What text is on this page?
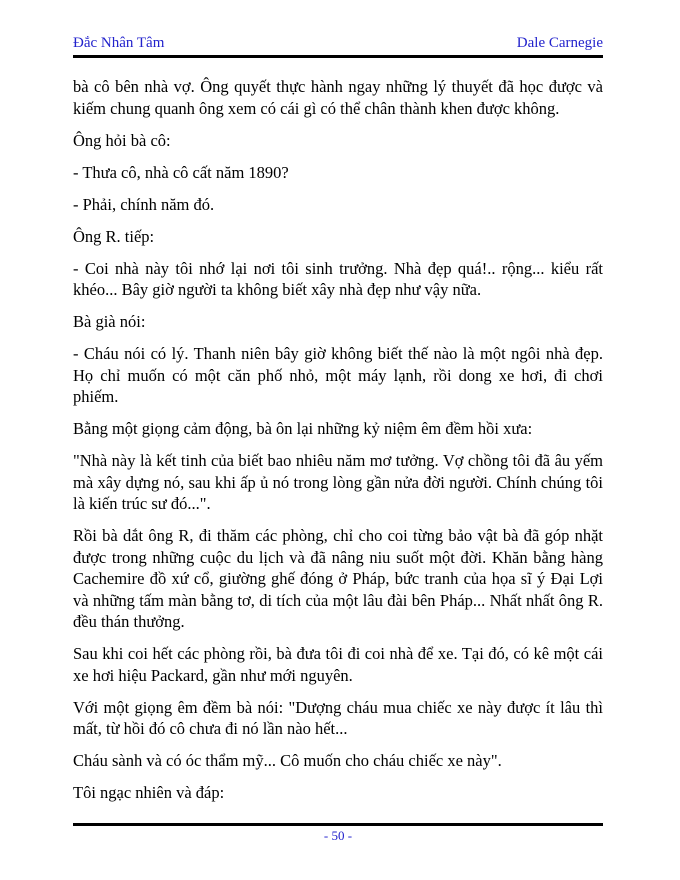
Đắc Nhân Tâm	Dale Carnegie

bà cô bên nhà vợ. Ông quyết thực hành ngay những lý thuyết đã học được và kiếm chung quanh ông xem có cái gì có thể chân thành khen được không.

Ông hỏi bà cô:

- Thưa cô, nhà cô cất năm 1890?

- Phải, chính năm đó.

Ông R. tiếp:

- Coi nhà này tôi nhớ lại nơi tôi sinh trưởng. Nhà đẹp quá!.. rộng... kiểu rất khéo... Bây giờ người ta không biết xây nhà đẹp như vậy nữa.

Bà già nói:

- Cháu nói có lý. Thanh niên bây giờ không biết thế nào là một ngôi nhà đẹp. Họ chỉ muốn có một căn phố nhỏ, một máy lạnh, rồi dong xe hơi, đi chơi phiếm.

Bằng một giọng cảm động, bà ôn lại những kỷ niệm êm đềm hồi xưa:

"Nhà này là kết tinh của biết bao nhiêu năm mơ tưởng. Vợ chồng tôi đã âu yếm mà xây dựng nó, sau khi ấp ủ nó trong lòng gần nửa đời người. Chính chúng tôi là kiến trúc sư đó...".

Rồi bà dắt ông R, đi thăm các phòng, chỉ cho coi từng bảo vật bà đã góp nhặt được trong những cuộc du lịch và đã nâng niu suốt một đời. Khăn bằng hàng Cachemire đồ xứ cổ, giường ghế đóng ở Pháp, bức tranh của họa sĩ ý Đại Lợi và những tấm màn bằng tơ, di tích của một lâu đài bên Pháp... Nhất nhất ông R. đều thán thưởng.

Sau khi coi hết các phòng rồi, bà đưa tôi đi coi nhà để xe. Tại đó, có kê một cái xe hơi hiệu Packard, gần như mới nguyên.

Với một giọng êm đềm bà nói: "Dượng cháu mua chiếc xe này được ít lâu thì mất, từ hồi đó cô chưa đi nó lần nào hết...

Cháu sành và có óc thẩm mỹ... Cô muốn cho cháu chiếc xe này".

Tôi ngạc nhiên và đáp:

- 50 -
